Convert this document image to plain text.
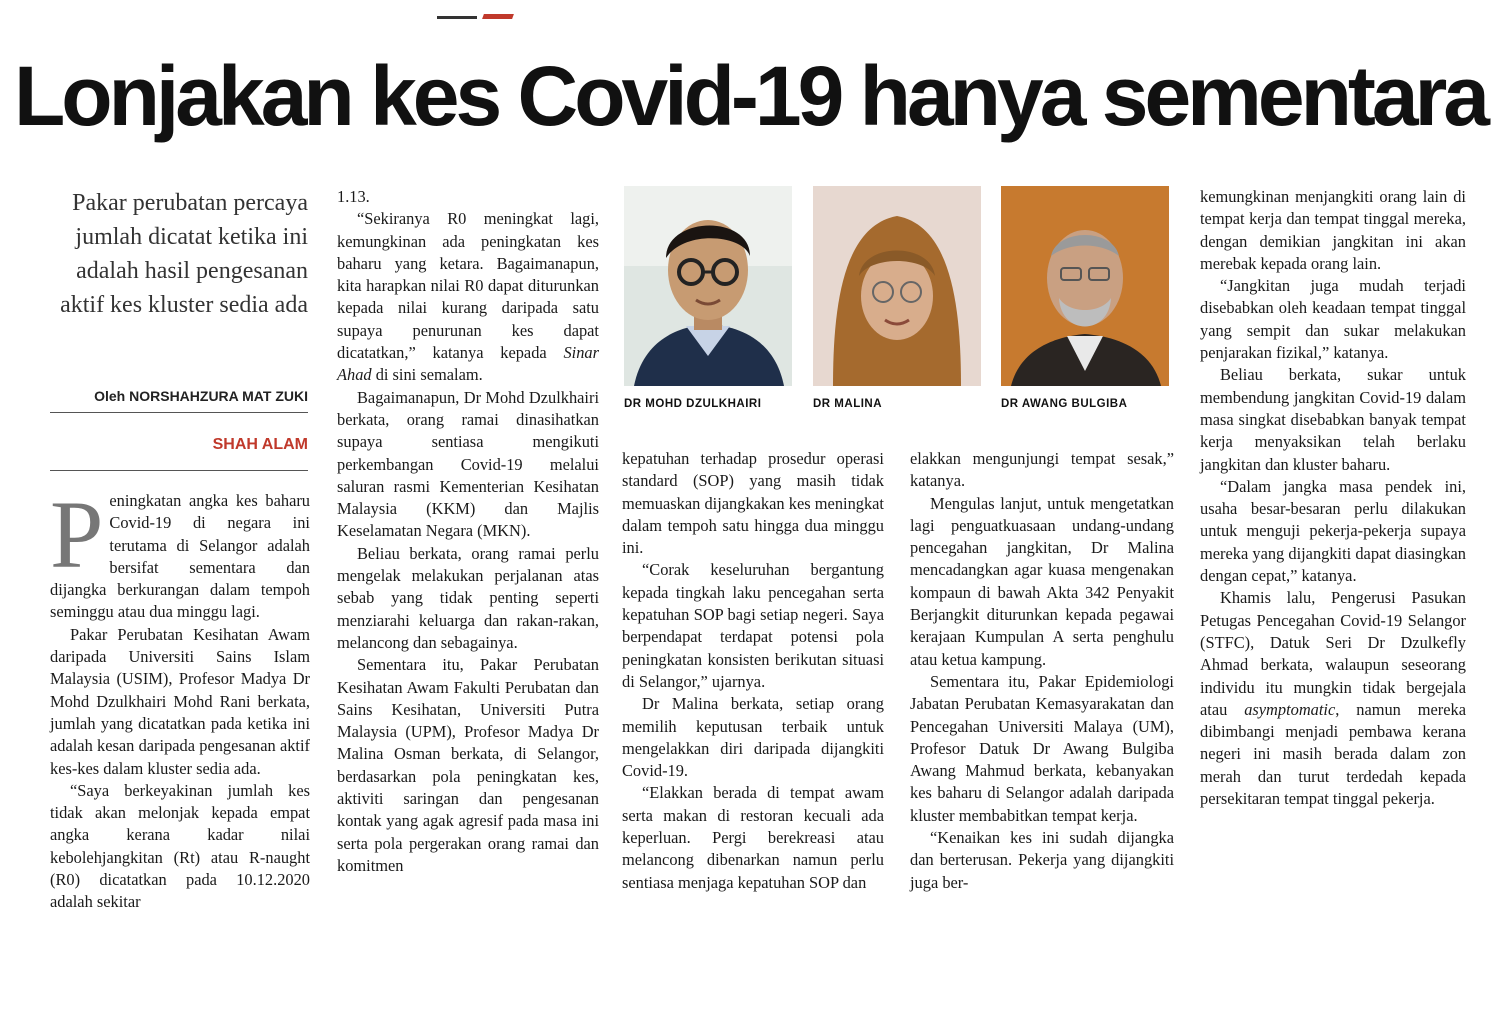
Lonjakan kes Covid-19 hanya sementara
Pakar perubatan percaya jumlah dicatat ketika ini adalah hasil pengesanan aktif kes kluster sedia ada
Oleh NORSHAHZURA MAT ZUKI
SHAH ALAM

Peningkatan angka kes baharu Covid-19 di negara ini terutama di Selangor adalah bersifat sementara dan dijangka berkurangan dalam tempoh seminggu atau dua minggu lagi.

Pakar Perubatan Kesihatan Awam daripada Universiti Sains Islam Malaysia (USIM), Profesor Madya Dr Mohd Dzulkhairi Mohd Rani berkata, jumlah yang dicatatkan pada ketika ini adalah kesan daripada pengesanan aktif kes-kes dalam kluster sedia ada.

“Saya berkeyakinan jumlah kes tidak akan melonjak kepada empat angka kerana kadar nilai kebolehjangkitan (Rt) atau R-naught (R0) dicatatkan pada 10.12.2020 adalah sekitar

1.13.

“Sekiranya R0 meningkat lagi, kemungkinan ada peningkatan kes baharu yang ketara. Bagaimanapun, kita harapkan nilai R0 dapat diturunkan kepada nilai kurang daripada satu supaya penurunan kes dapat dicatatkan,” katanya kepada Sinar Ahad di sini semalam.

Bagaimanapun, Dr Mohd Dzulkhairi berkata, orang ramai dinasihatkan supaya sentiasa mengikuti perkembangan Covid-19 melalui saluran rasmi Kementerian Kesihatan Malaysia (KKM) dan Majlis Keselamatan Negara (MKN).

Beliau berkata, orang ramai perlu mengelak melakukan perjalanan atas sebab yang tidak penting seperti menziarahi keluarga dan rakan-rakan, melancong dan sebagainya.

Sementara itu, Pakar Perubatan Kesihatan Awam Fakulti Perubatan dan Sains Kesihatan, Universiti Putra Malaysia (UPM), Profesor Madya Dr Malina Osman berkata, di Selangor, berdasarkan pola peningkatan kes, aktiviti saringan dan pengesanan kontak yang agak agresif pada masa ini serta pola pergerakan orang ramai dan komitmen

DR MOHD DZULKHAIRI	DR MALINA	DR AWANG BULGIBA

kepatuhan terhadap prosedur operasi standard (SOP) yang masih tidak memuaskan dijangkakan kes meningkat dalam tempoh satu hingga dua minggu ini.

“Corak keseluruhan bergantung kepada tingkah laku pencegahan serta kepatuhan SOP bagi setiap negeri. Saya berpendapat terdapat potensi pola peningkatan konsisten berikutan situasi di Selangor,” ujarnya.

Dr Malina berkata, setiap orang memilih keputusan terbaik untuk mengelakkan diri daripada dijangkiti Covid-19.

“Elakkan berada di tempat awam serta makan di restoran kecuali ada keperluan. Pergi berekreasi atau melancong dibenarkan namun perlu sentiasa menjaga kepatuhan SOP dan

elakkan mengunjungi tempat sesak,” katanya.

Mengulas lanjut, untuk mengetatkan lagi penguatkuasaan undang-undang pencegahan jangkitan, Dr Malina mencadangkan agar kuasa mengenakan kompaun di bawah Akta 342 Penyakit Berjangkit diturunkan kepada pegawai kerajaan Kumpulan A serta penghulu atau ketua kampung.

Sementara itu, Pakar Epidemiologi Jabatan Perubatan Kemasyarakatan dan Pencegahan Universiti Malaya (UM), Profesor Datuk Dr Awang Bulgiba Awang Mahmud berkata, kebanyakan kes baharu di Selangor adalah daripada kluster membabitkan tempat kerja.

“Kenaikan kes ini sudah dijangka dan berterusan. Pekerja yang dijangkiti juga ber-

kemungkinan menjangkiti orang lain di tempat kerja dan tempat tinggal mereka, dengan demikian jangkitan ini akan merebak kepada orang lain.

“Jangkitan juga mudah terjadi disebabkan oleh keadaan tempat tinggal yang sempit dan sukar melakukan penjarakan fizikal,” katanya.

Beliau berkata, sukar untuk membendung jangkitan Covid-19 dalam masa singkat disebabkan banyak tempat kerja menyaksikan telah berlaku jangkitan dan kluster baharu.

“Dalam jangka masa pendek ini, usaha besar-besaran perlu dilakukan untuk menguji pekerja-pekerja supaya mereka yang dijangkiti dapat diasingkan dengan cepat,” katanya.

Khamis lalu, Pengerusi Pasukan Petugas Pencegahan Covid-19 Selangor (STFC), Datuk Seri Dr Dzulkefly Ahmad berkata, walaupun seseorang individu itu mungkin tidak bergejala atau asymptomatic, namun mereka dibimbangi menjadi pembawa kerana negeri ini masih berada dalam zon merah dan turut terdedah kepada persekitaran tempat tinggal pekerja.
